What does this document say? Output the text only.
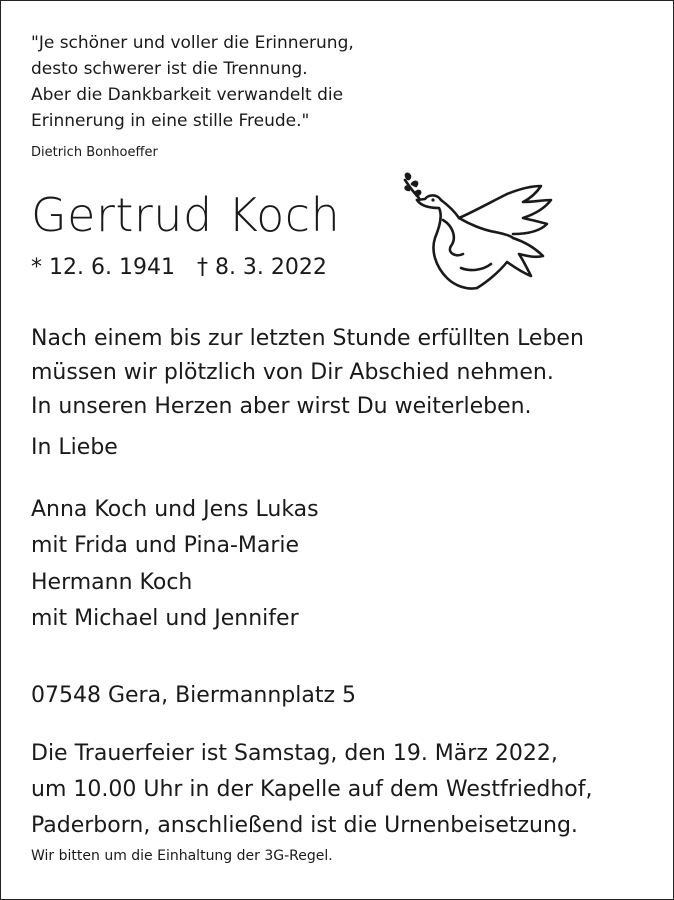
"Je schöner und voller die Erinnerung,
desto schwerer ist die Trennung.
Aber die Dankbarkeit verwandelt die
Erinnerung in eine stille Freude."
Dietrich Bonhoeffer
Gertrud Koch
* 12. 6. 1941 † 8. 3. 2022
Nach einem bis zur letzten Stunde erfüllten Leben
müssen wir plötzlich von Dir Abschied nehmen.
In unseren Herzen aber wirst Du weiterleben.
In Liebe
Anna Koch und Jens Lukas
mit Frida und Pina-Marie
Hermann Koch
mit Michael und Jennifer
07548 Gera, Biermannplatz 5
Die Trauerfeier ist Samstag, den 19. März 2022,
um 10.00 Uhr in der Kapelle auf dem Westfriedhof,
Paderborn, anschließend ist die Urnenbeisetzung.
Wir bitten um die Einhaltung der 3G-Regel.
